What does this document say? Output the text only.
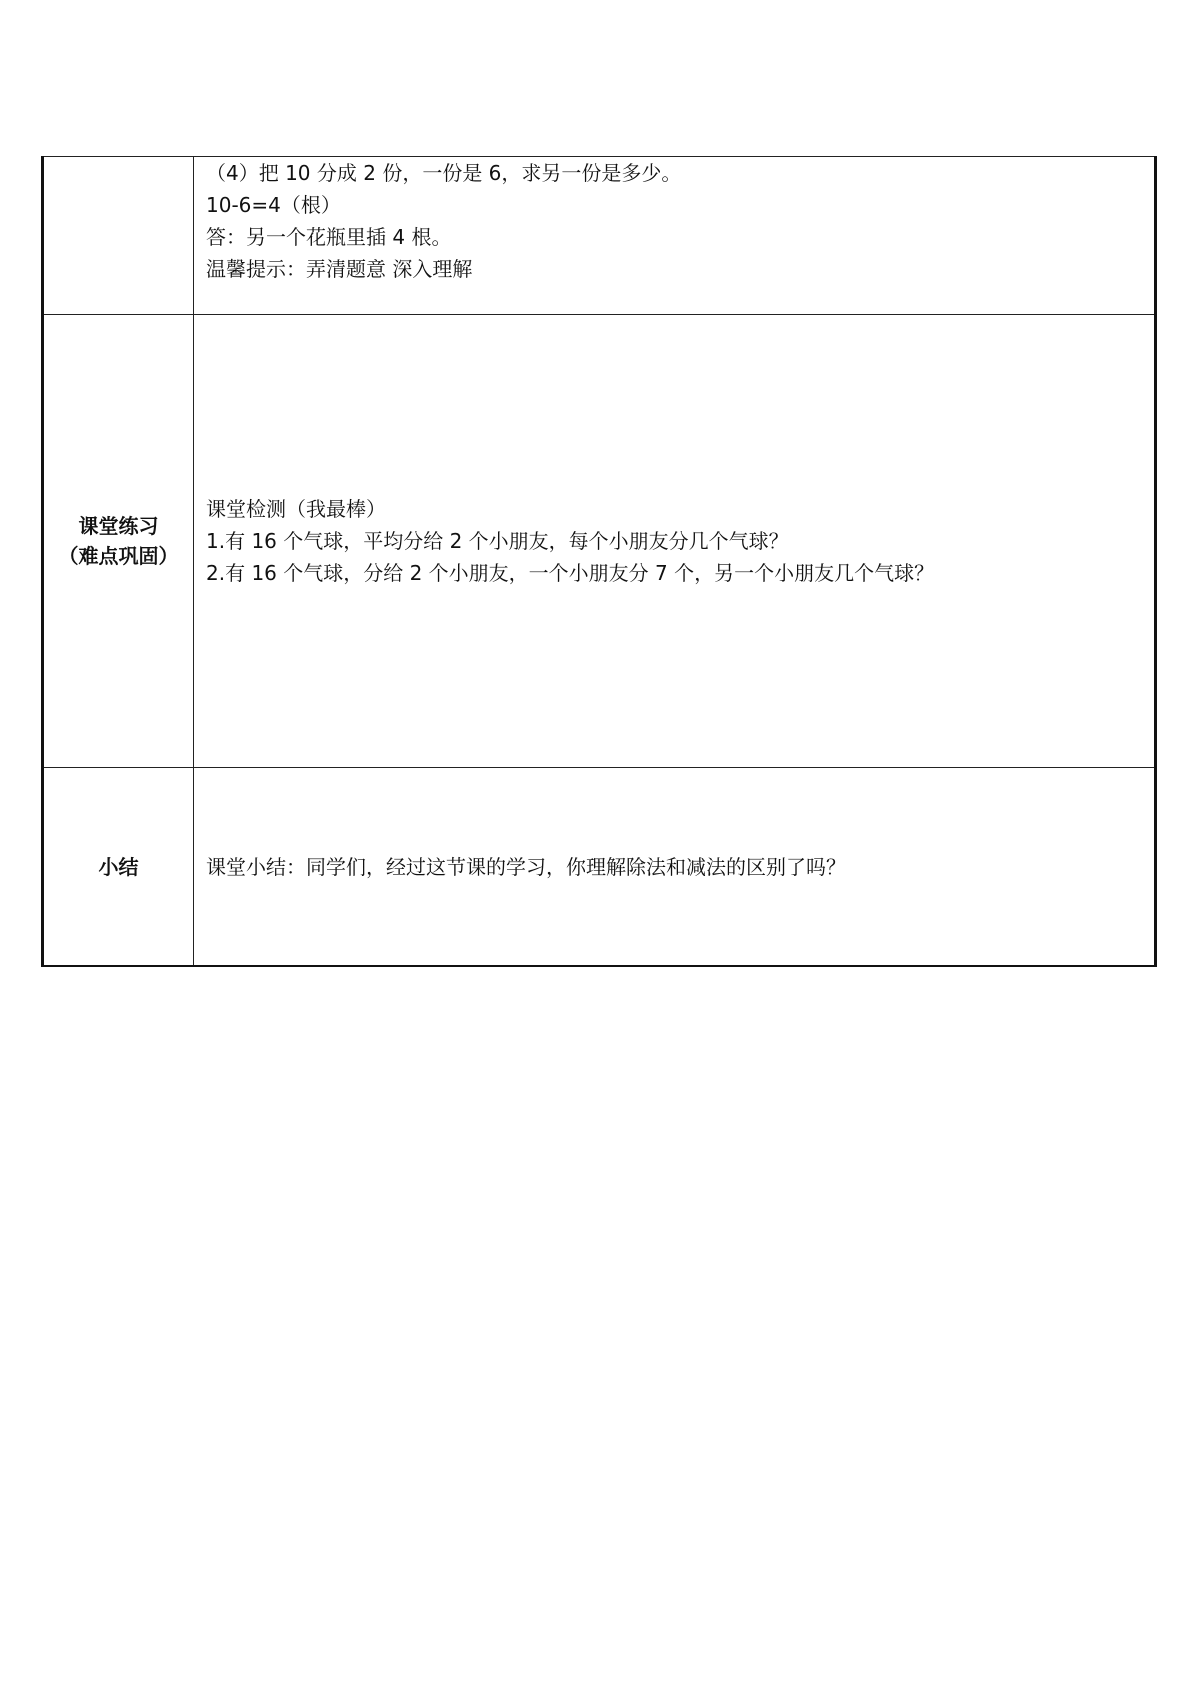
	（4）把 10 分成 2 份，一份是 6，求另一份是多少。
10-6=4（根）
答：另一个花瓶里插 4 根。
温馨提示：弄清题意 深入理解

课堂练习
（难点巩固）	课堂检测（我最棒）
1.有 16 个气球，平均分给 2 个小朋友，每个小朋友分几个气球？
2.有 16 个气球，分给 2 个小朋友，一个小朋友分 7 个，另一个小朋友几个气球？

小结	课堂小结：同学们，经过这节课的学习，你理解除法和减法的区别了吗？
